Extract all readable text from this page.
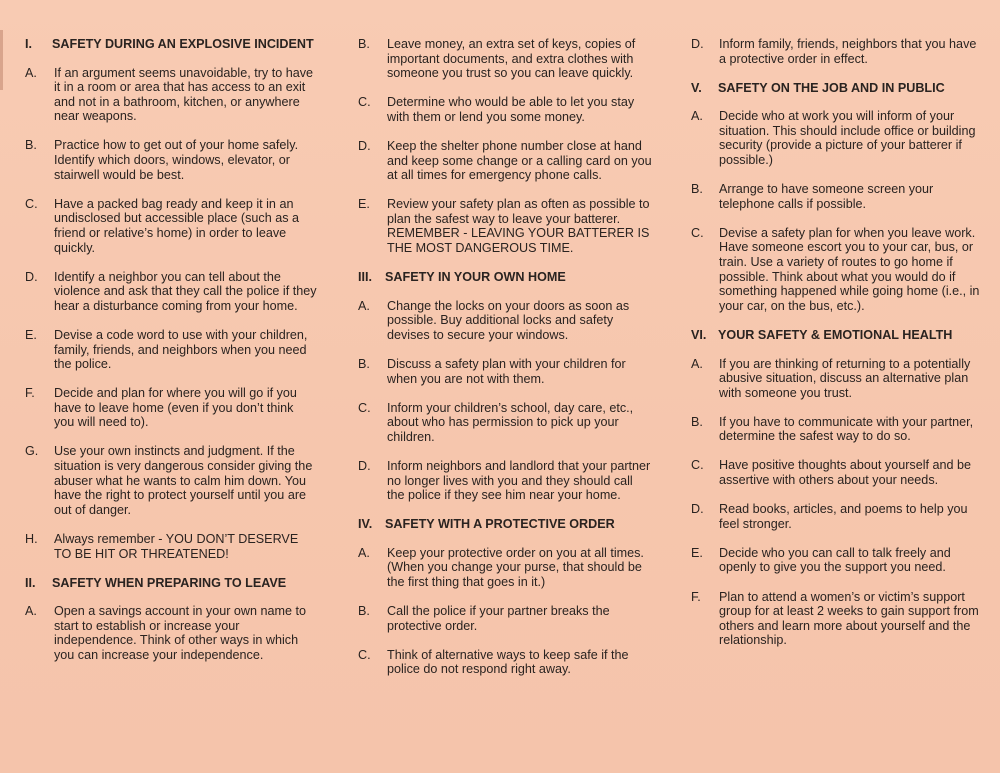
I.	SAFETY DURING AN EXPLOSIVE INCIDENT
A.	If an argument seems unavoidable, try to have it in a room or area that has access to an exit and not in a bathroom, kitchen, or anywhere near weapons.
B.	Practice how to get out of your home safely. Identify which doors, windows, elevator, or stairwell would be best.
C.	Have a packed bag ready and keep it in an undisclosed but accessible place (such as a friend or relative’s home) in order to leave quickly.
D.	Identify a neighbor you can tell about the violence and ask that they call the police if they hear a disturbance coming from your home.
E.	Devise a code word to use with your children, family, friends, and neighbors when you need the police.
F.	Decide and plan for where you will go if you have to leave home (even if you don’t think you will need to).
G.	Use your own instincts and judgment. If the situation is very dangerous consider giving the abuser what he wants to calm him down. You have the right to protect yourself until you are out of danger.
H.	Always remember - YOU DON’T DESERVE TO BE HIT OR THREATENED!
II.	SAFETY WHEN PREPARING TO LEAVE
A.	Open a savings account in your own name to start to establish or increase your independence. Think of other ways in which you can increase your independence.
B.	Leave money, an extra set of keys, copies of important documents, and extra clothes with someone you trust so you can leave quickly.
C.	Determine who would be able to let you stay with them or lend you some money.
D.	Keep the shelter phone number close at hand and keep some change or a calling card on you at all times for emergency phone calls.
E.	Review your safety plan as often as possible to plan the safest way to leave your batterer. REMEMBER - LEAVING YOUR BATTERER IS THE MOST DANGEROUS TIME.
III.	SAFETY IN YOUR OWN HOME
A.	Change the locks on your doors as soon as possible. Buy additional locks and safety devises to secure your windows.
B.	Discuss a safety plan with your children for when you are not with them.
C.	Inform your children’s school, day care, etc., about who has permission to pick up your children.
D.	Inform neighbors and landlord that your partner no longer lives with you and they should call the police if they see him near your home.
IV.	SAFETY WITH A PROTECTIVE ORDER
A.	Keep your protective order on you at all times. (When you change your purse, that should be the first thing that goes in it.)
B.	Call the police if your partner breaks the protective order.
C.	Think of alternative ways to keep safe if the police do not respond right away.
D.	Inform family, friends, neighbors that you have a protective order in effect.
V.	SAFETY ON THE JOB AND IN PUBLIC
A.	Decide who at work you will inform of your situation. This should include office or building security (provide a picture of your batterer if possible.)
B.	Arrange to have someone screen your telephone calls if possible.
C.	Devise a safety plan for when you leave work. Have someone escort you to your car, bus, or train. Use a variety of routes to go home if possible. Think about what you would do if something happened while going home (i.e., in your car, on the bus, etc.).
VI. YOUR SAFETY & EMOTIONAL HEALTH
A.	If you are thinking of returning to a potentially abusive situation, discuss an alternative plan with someone you trust.
B.	If you have to communicate with your partner, determine the safest way to do so.
C.	Have positive thoughts about yourself and be assertive with others about your needs.
D.	Read books, articles, and poems to help you feel stronger.
E.	Decide who you can call to talk freely and openly to give you the support you need.
F.	Plan to attend a women’s or victim’s support group for at least 2 weeks to gain support from others and learn more about yourself and the relationship.
